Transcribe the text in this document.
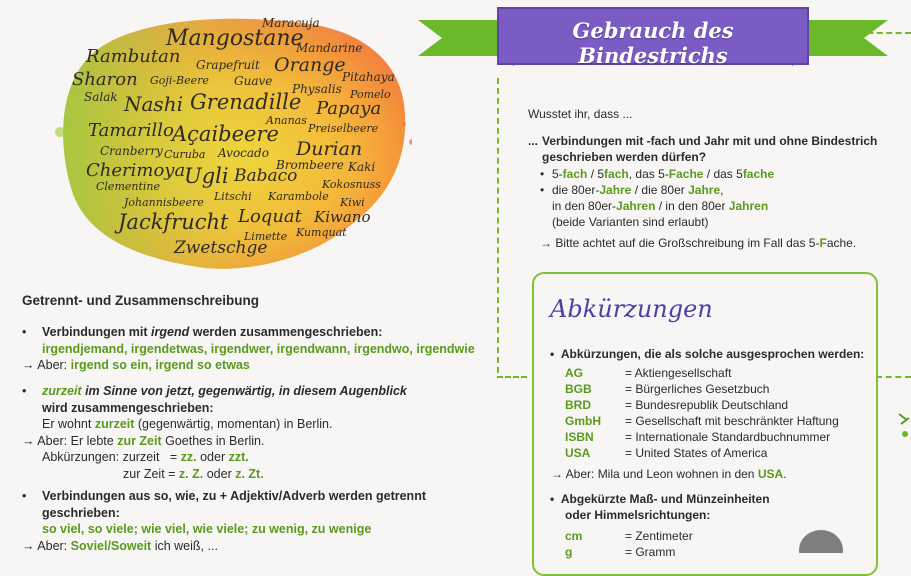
Maracuja
Mangostane
Rambutan	Mandarine
Grapefruit Orange
Sharon Goji-Beere Guave	Pitahaya
Physalis
Salak Nashi Grenadille	Pomelo
Papaya
Ananas
Tamarillo
Açaibeere	Preiselbeere
Cranberry Curuba Avocado Durian
Cherimoya
Ugli	Brombeere Kaki
Babaco
Clementine	Kokosnuss
Litschi Karambole
Johannisbeere	Kiwi
Jackfrucht Loquat Kiwano
Limette Kumquat
Zwetschge
Getrennt- und Zusammenschreibung
• Verbindungen mit irgend werden zusammengeschrieben:
irgendjemand, irgendetwas, irgendwer, irgendwann, irgendwo, irgendwie
→ Aber: irgend so ein, irgend so etwas
• zurzeit im Sinne von jetzt, gegenwärtig, in diesem Augenblick
wird zusammengeschrieben:
Er wohnt zurzeit (gegenwärtig, momentan) in Berlin.
→ Aber: Er lebte zur Zeit Goethes in Berlin.
Abkürzungen: zurzeit   = zz. oder zzt.
zur Zeit = z. Z. oder z. Zt.
• Verbindungen aus so, wie, zu + Adjektiv/Adverb werden getrennt geschrieben:
so viel, so viele; wie viel, wie viele; zu wenig, zu wenige
→ Aber: Soviel/Soweit ich weiß, ...
Gebrauch des Bindestrichs
Wusstet ihr, dass ...
... Verbindungen mit -fach und Jahr mit und ohne Bindestrich
geschrieben werden dürfen?
• 5-fach / 5fach, das 5-Fache / das 5fache
• die 80er-Jahre / die 80er Jahre,
in den 80er-Jahren / in den 80er Jahren
(beide Varianten sind erlaubt)
→ Bitte achtet auf die Großschreibung im Fall das 5-Fache.
Abkürzungen
•  Abkürzungen, die als solche ausgesprochen werden:
AG	= Aktiengesellschaft
BGB	= Bürgerliches Gesetzbuch
BRD	= Bundesrepublik Deutschland
GmbH = Gesellschaft mit beschränkter Haftung
ISBN	= Internationale Standardbuchnummer
USA	= United States of America
→ Aber: Mila und Leon wohnen in den USA.
•  Abgekürzte Maß- und Münzeinheiten
oder Himmelsrichtungen:
cm	= Zentimeter
g	= Gramm
